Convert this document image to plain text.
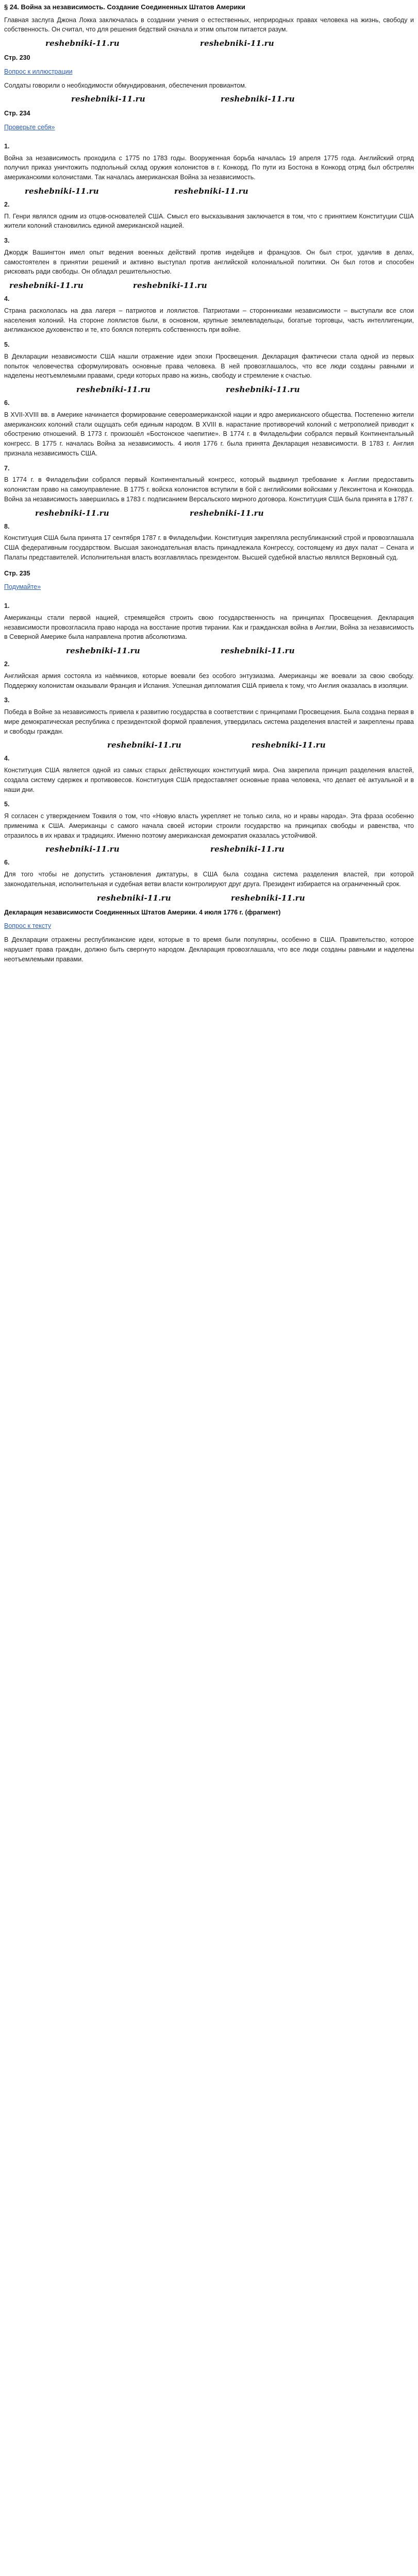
§ 24. Война за независимость. Создание Соединенных Штатов Америки

Главная заслуга Джона Локка заключалась в создании учения о естественных, неприродных правах человека на жизнь, свободу и собственность. Он считал, что для решения бедствий сначала и этим опытом питается разум.

reshebniki-11.ru	reshebniki-11.ru
Стр. 230
Вопрос к иллюстрации

Солдаты говорили о необходимости обмундирования, обеспечения провиантом.

reshebniki-11.ru	reshebniki-11.ru
Стр. 234
Проверьте себя»
1.

Война за независимость проходила с 1775 по 1783 годы. Вооруженная борьба началась 19 апреля 1775 года. Английский отряд получил приказ уничтожить подпольный склад оружия колонистов в г. Конкорд. По пути из Бостона в Конкорд отряд был обстрелян американскими колонистами. Так началась американская Война за независимость.

reshebniki-11.ru	reshebniki-11.ru
2.

П. Генри являлся одним из отцов-основателей США. Смысл его высказывания заключается в том, что с принятием Конституции США жители колоний становились единой американской нацией.

3.

Джордж Вашингтон имел опыт ведения военных действий против индейцев и французов. Он был строг, удачлив в делах, самостоятелен в принятии решений и активно выступал против английской колониальной политики. Он был готов и способен рисковать ради свободы. Он обладал решительностью.

reshebniki-11.ru	reshebniki-11.ru
4.

Страна раскололась на два лагеря – патриотов и лоялистов. Патриотами – сторонниками независимости – выступали все слои населения колоний. На стороне лоялистов были, в основном, крупные землевладельцы, богатые торговцы, часть интеллигенции, англиканское духовенство и те, кто боялся потерять собственность при войне.

5.

В Декларации независимости США нашли отражение идеи эпохи Просвещения. Декларация фактически стала одной из первых попыток человечества сформулировать основные права человека. В ней провозглашалось, что все люди созданы равными и наделены неотъемлемыми правами, среди которых право на жизнь, свободу и стремление к счастью.

reshebniki-11.ru	reshebniki-11.ru
6.

В XVII-XVIII вв. в Америке начинается формирование североамериканской нации и ядро американского общества. Постепенно жители американских колоний стали ощущать себя единым народом. В XVIII в. нарастание противоречий колоний с метрополией приводит к обострению отношений. В 1773 г. произошёл «Бостонское чаепитие». В 1774 г. в Филадельфии собрался первый Континентальный конгресс. В 1775 г. началась Война за независимость. 4 июля 1776 г. была принята Декларация независимости. В 1783 г. Англия признала независимость США.

7.

В 1774 г. в Филадельфии собрался первый Континентальный конгресс, который выдвинул требование к Англии предоставить колонистам право на самоуправление. В 1775 г. войска колонистов вступили в бой с английскими войсками у Лексингтона и Конкорда. Война за независимость завершилась в 1783 г. подписанием Версальского мирного договора. Конституция США была принята в 1787 г.

reshebniki-11.ru	reshebniki-11.ru
8.

Конституция США была принята 17 сентября 1787 г. в Филадельфии. Конституция закрепляла республиканский строй и провозглашала США федеративным государством. Высшая законодательная власть принадлежала Конгрессу, состоящему из двух палат – Сената и Палаты представителей. Исполнительная власть возглавлялась президентом. Высшей судебной властью являлся Верховный суд.

Стр. 235
Подумайте»
1.

Американцы стали первой нацией, стремящейся строить свою государственность на принципах Просвещения. Декларация независимости провозгласила право народа на восстание против тирании. Как и гражданская война в Англии, Война за независимость в Северной Америке была направлена против абсолютизма.

reshebniki-11.ru	reshebniki-11.ru
2.

Английская армия состояла из наёмников, которые воевали без особого энтузиазма. Американцы же воевали за свою свободу. Поддержку колонистам оказывали Франция и Испания. Успешная дипломатия США привела к тому, что Англия оказалась в изоляции.

3.

Победа в Войне за независимость привела к развитию государства в соответствии с принципами Просвещения. Была создана первая в мире демократическая республика с президентской формой правления, утвердилась система разделения властей и закреплены права и свободы граждан.

reshebniki-11.ru	reshebniki-11.ru
4.

Конституция США является одной из самых старых действующих конституций мира. Она закрепила принцип разделения властей, создала систему сдержек и противовесов. Конституция США предоставляет основные права человека, что делает её актуальной и в наши дни.

5.

Я согласен с утверждением Токвиля о том, что «Новую власть укрепляет не только сила, но и нравы народа». Эта фраза особенно применима к США. Американцы с самого начала своей истории строили государство на принципах свободы и равенства, что отразилось в их нравах и традициях. Именно поэтому американская демократия оказалась устойчивой.

reshebniki-11.ru	reshebniki-11.ru
6.

Для того чтобы не допустить установления диктатуры, в США была создана система разделения властей, при которой законодательная, исполнительная и судебная ветви власти контролируют друг друга. Президент избирается на ограниченный срок.

reshebniki-11.ru	reshebniki-11.ru
Декларация независимости Соединенных Штатов Америки. 4 июля 1776 г. (фрагмент)
Вопрос к тексту

В Декларации отражены республиканские идеи, которые в то время были популярны, особенно в США. Правительство, которое нарушает права граждан, должно быть свергнуто народом. Декларация провозглашала, что все люди созданы равными и наделены неотъемлемыми правами.
